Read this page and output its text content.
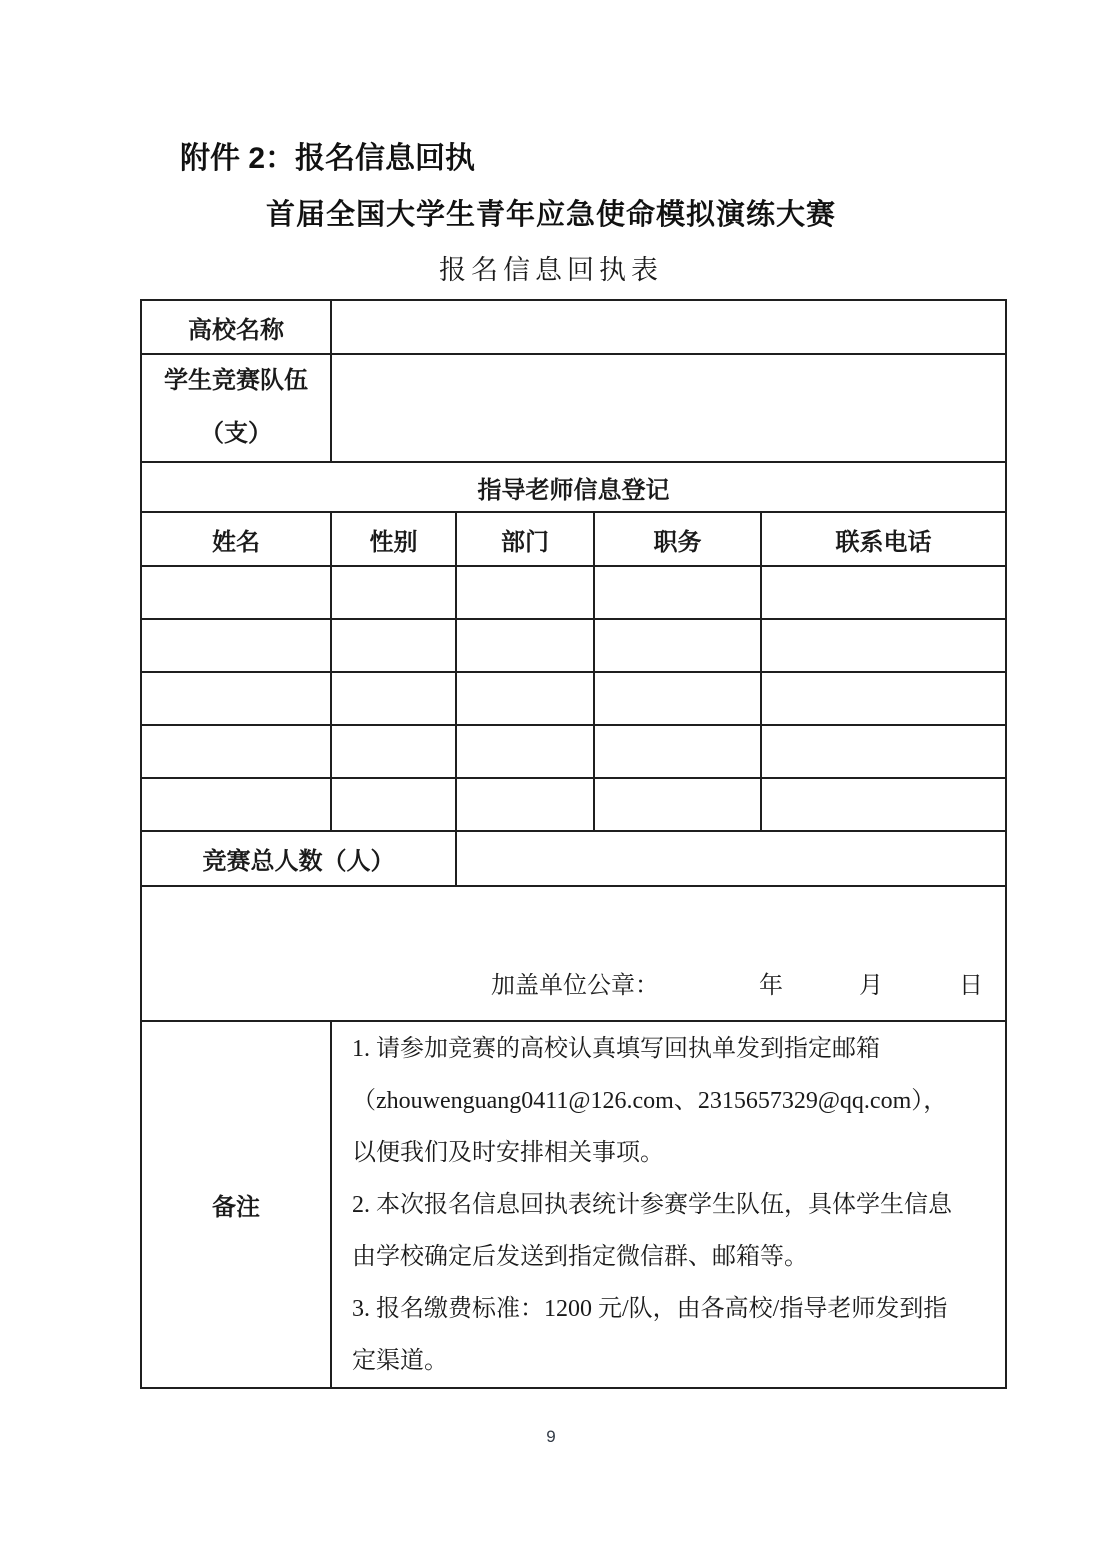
附件 2：报名信息回执
首届全国大学生青年应急使命模拟演练大赛
报名信息回执表
高校名称				

学生竞赛队伍
（支）				

指导老师信息登记				
姓名	性别	部门	职务	联系电话

竞赛总人数（人）				
加盖单位公章： 年 月 日				
备注	
1. 请参加竞赛的高校认真填写回执单发到指定邮箱
（zhouwenguang0411@126.com、2315657329@qq.com），
以便我们及时安排相关事项。
2. 本次报名信息回执表统计参赛学生队伍，具体学生信息
由学校确定后发送到指定微信群、邮箱等。
3. 报名缴费标准：1200 元/队，由各高校/指导老师发到指
定渠道。
9
